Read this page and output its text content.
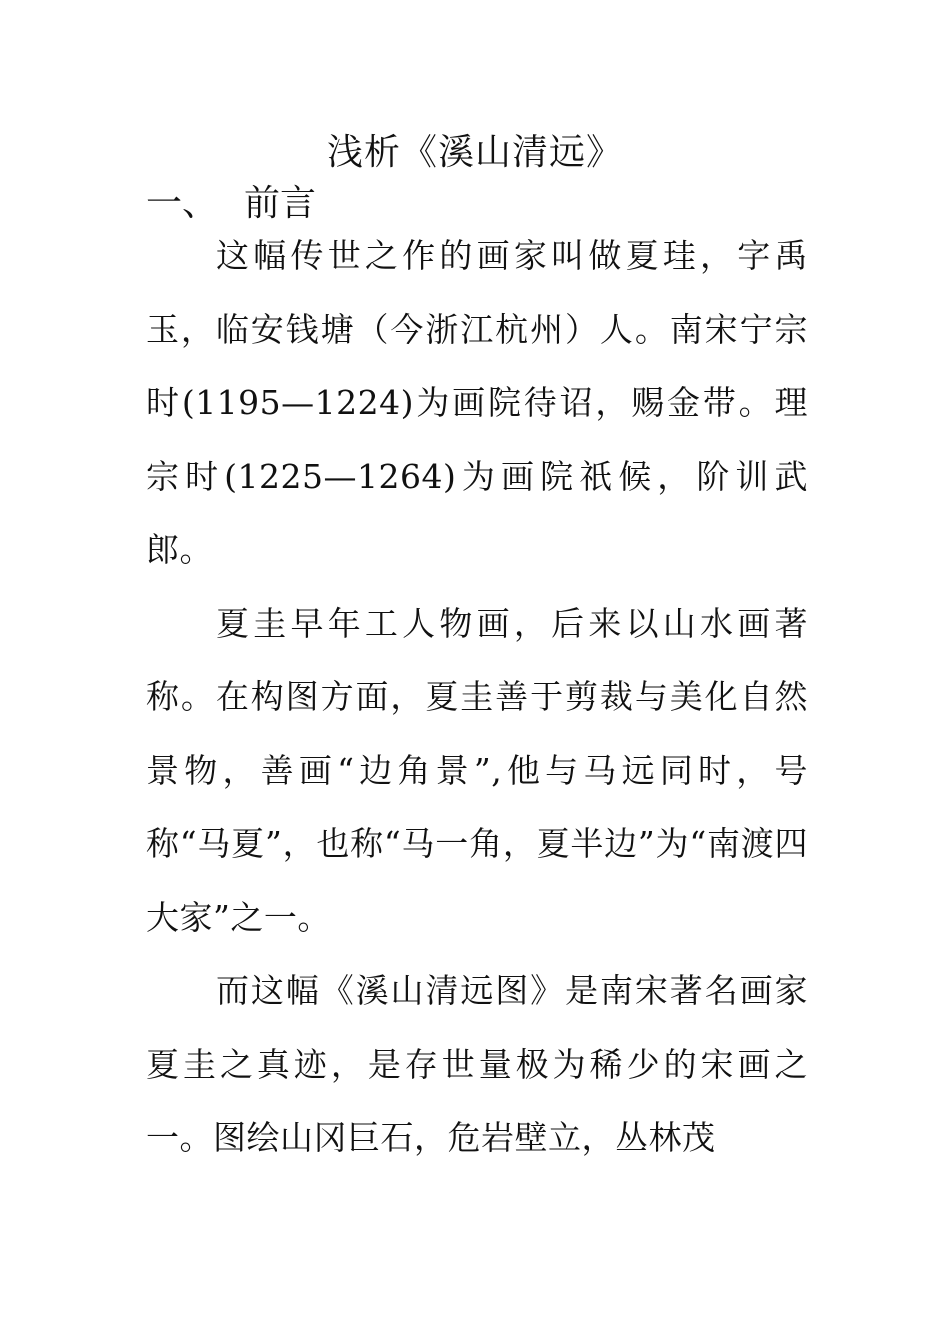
浅析《溪山清远》
一、 前言

这幅传世之作的画家叫做夏珪，字禹玉，临安钱塘（今浙江杭州）人。南宋宁宗时(1195—1224)为画院待诏，赐金带。理宗时(1225—1264)为画院祇候，阶训武郎。

夏圭早年工人物画，后来以山水画著称。在构图方面，夏圭善于剪裁与美化自然景物，善画“边角景”,他与马远同时，号称“马夏”，也称“马一角，夏半边”为“南渡四大家”之一。

而这幅《溪山清远图》是南宋著名画家夏圭之真迹，是存世量极为稀少的宋画之一。图绘山冈巨石，危岩壁立，丛林茂
